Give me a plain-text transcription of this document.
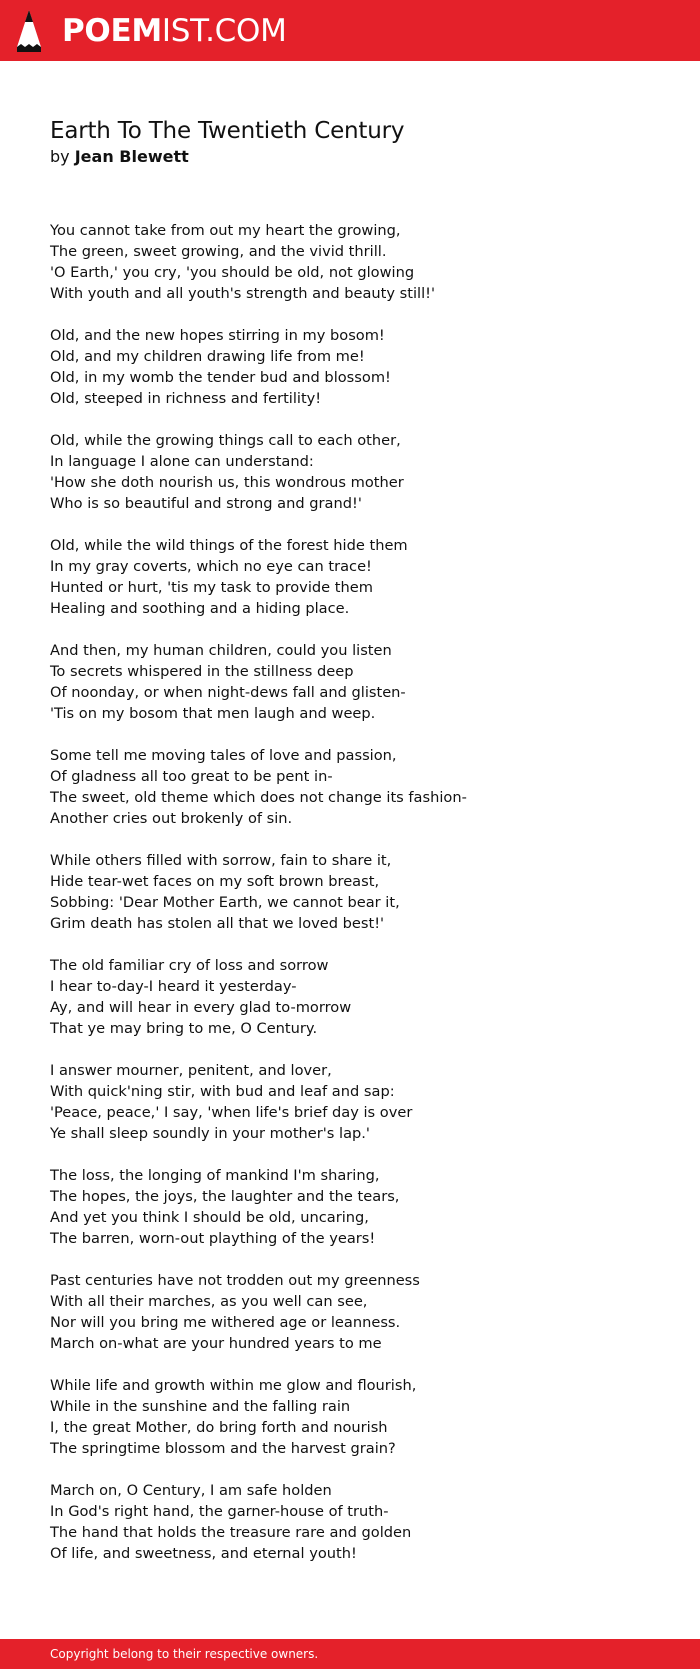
POEMIST.COM
Earth To The Twentieth Century
by Jean Blewett
You cannot take from out my heart the growing,
The green, sweet growing, and the vivid thrill.
'O Earth,' you cry, 'you should be old, not glowing
With youth and all youth's strength and beauty still!'
Old, and the new hopes stirring in my bosom!
Old, and my children drawing life from me!
Old, in my womb the tender bud and blossom!
Old, steeped in richness and fertility!
Old, while the growing things call to each other,
In language I alone can understand:
'How she doth nourish us, this wondrous mother
Who is so beautiful and strong and grand!'
Old, while the wild things of the forest hide them
In my gray coverts, which no eye can trace!
Hunted or hurt, 'tis my task to provide them
Healing and soothing and a hiding place.
And then, my human children, could you listen
To secrets whispered in the stillness deep
Of noonday, or when night-dews fall and glisten-
'Tis on my bosom that men laugh and weep.
Some tell me moving tales of love and passion,
Of gladness all too great to be pent in-
The sweet, old theme which does not change its fashion-
Another cries out brokenly of sin.
While others filled with sorrow, fain to share it,
Hide tear-wet faces on my soft brown breast,
Sobbing: 'Dear Mother Earth, we cannot bear it,
Grim death has stolen all that we loved best!'
The old familiar cry of loss and sorrow
I hear to-day-I heard it yesterday-
Ay, and will hear in every glad to-morrow
That ye may bring to me, O Century.
I answer mourner, penitent, and lover,
With quick'ning stir, with bud and leaf and sap:
'Peace, peace,' I say, 'when life's brief day is over
Ye shall sleep soundly in your mother's lap.'
The loss, the longing of mankind I'm sharing,
The hopes, the joys, the laughter and the tears,
And yet you think I should be old, uncaring,
The barren, worn-out plaything of the years!
Past centuries have not trodden out my greenness
With all their marches, as you well can see,
Nor will you bring me withered age or leanness.
March on-what are your hundred years to me
While life and growth within me glow and flourish,
While in the sunshine and the falling rain
I, the great Mother, do bring forth and nourish
The springtime blossom and the harvest grain?
March on, O Century, I am safe holden
In God's right hand, the garner-house of truth-
The hand that holds the treasure rare and golden
Of life, and sweetness, and eternal youth!
Copyright belong to their respective owners.
